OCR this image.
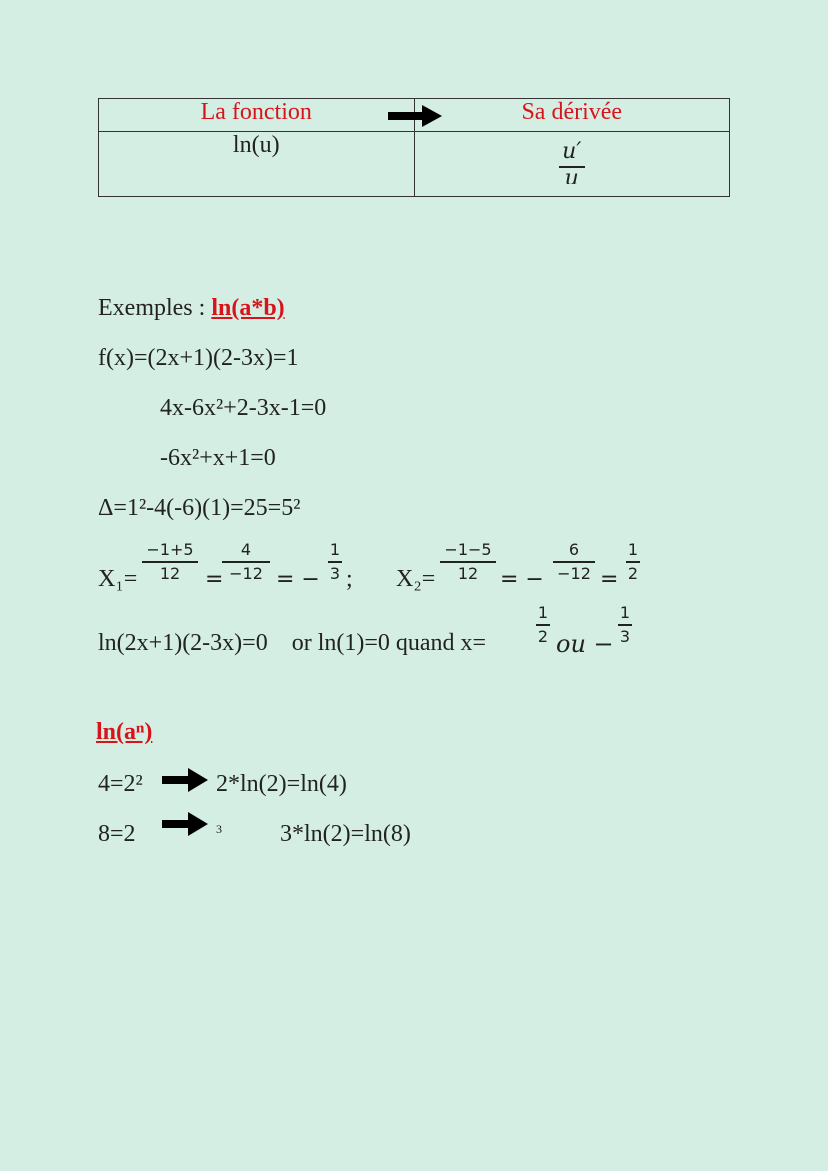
La fonction	Sa dérivée
ln(u)	$\frac{u'}{u}$
Exemples : ln(a*b)
f(x)=(2x+1)(2-3x)=1
4x-6x²+2-3x-1=0
-6x²+x+1=0
Δ=1²-4(-6)(1)=25=5²
X₁=
−1+5
12	=
4
−12 = −
1
3 ; X₂=
−1−5
12 = −
6
−12 =
1
2
ln(2x+1)(2-3x)=0    or ln(1)=0 quand x=
1
2 ou −
1
3
ln(aⁿ)
4=2²	2*ln(2)=ln(4)
8=2	3 3*ln(2)=ln(8)
